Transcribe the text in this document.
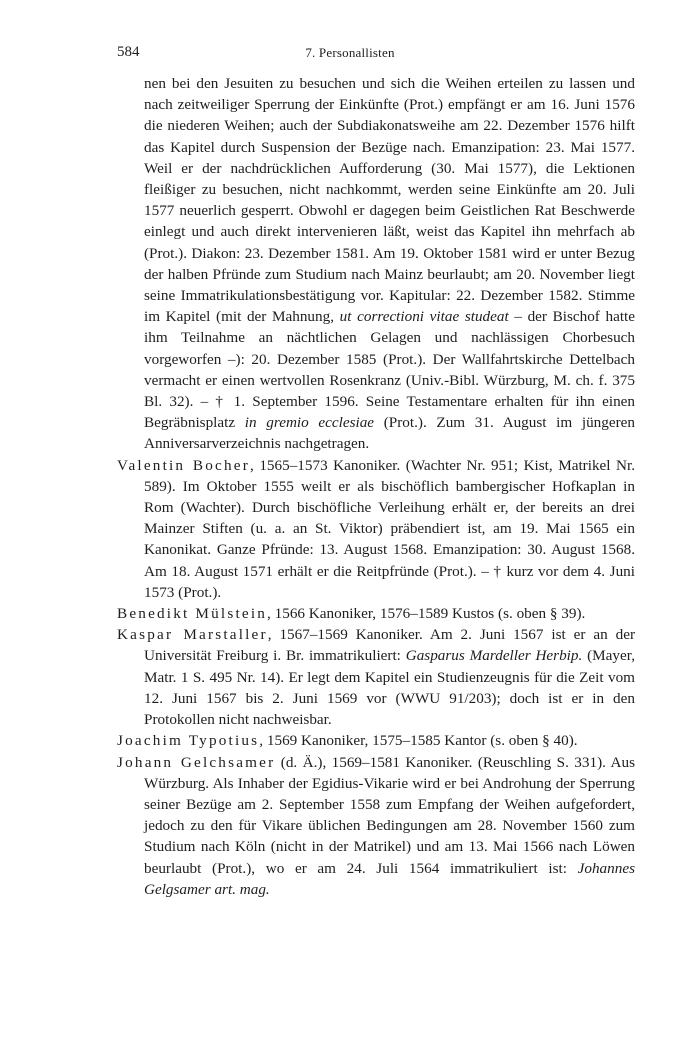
584	7. Personallisten

nen bei den Jesuiten zu besuchen und sich die Weihen erteilen zu lassen und nach zeitweiliger Sperrung der Einkünfte (Prot.) empfängt er am 16. Juni 1576 die niederen Weihen; auch der Subdiakonatsweihe am 22. Dezember 1576 hilft das Kapitel durch Suspension der Bezüge nach. Emanzipation: 23. Mai 1577. Weil er der nachdrücklichen Aufforderung (30. Mai 1577), die Lektionen fleißiger zu besuchen, nicht nachkommt, werden seine Einkünfte am 20. Juli 1577 neuerlich gesperrt. Obwohl er dagegen beim Geistlichen Rat Beschwerde einlegt und auch direkt intervenieren läßt, weist das Kapitel ihn mehrfach ab (Prot.). Diakon: 23. Dezember 1581. Am 19. Oktober 1581 wird er unter Bezug der halben Pfründe zum Studium nach Mainz beurlaubt; am 20. November liegt seine Immatrikulationsbestätigung vor. Kapitular: 22. Dezember 1582. Stimme im Kapitel (mit der Mahnung, ut correctioni vitae studeat – der Bischof hatte ihm Teilnahme an nächtlichen Gelagen und nachlässigen Chorbesuch vorgeworfen –): 20. Dezember 1585 (Prot.). Der Wallfahrtskirche Dettelbach vermacht er einen wertvollen Rosenkranz (Univ.-Bibl. Würzburg, M. ch. f. 375 Bl. 32). – † 1. September 1596. Seine Testamentare erhalten für ihn einen Begräbnisplatz in gremio ecclesiae (Prot.). Zum 31. August im jüngeren Anniversarverzeichnis nachgetragen.

Valentin Bocher, 1565–1573 Kanoniker. (Wachter Nr. 951; Kist, Matrikel Nr. 589). Im Oktober 1555 weilt er als bischöflich bambergischer Hofkaplan in Rom (Wachter). Durch bischöfliche Verleihung erhält er, der bereits an drei Mainzer Stiften (u. a. an St. Viktor) präbendiert ist, am 19. Mai 1565 ein Kanonikat. Ganze Pfründe: 13. August 1568. Emanzipation: 30. August 1568. Am 18. August 1571 erhält er die Reitpfründe (Prot.). – † kurz vor dem 4. Juni 1573 (Prot.).

Benedikt Mülstein, 1566 Kanoniker, 1576–1589 Kustos (s. oben § 39).

Kaspar Marstaller, 1567–1569 Kanoniker. Am 2. Juni 1567 ist er an der Universität Freiburg i. Br. immatrikuliert: Gasparus Mardeller Herbip. (Mayer, Matr. 1 S. 495 Nr. 14). Er legt dem Kapitel ein Studienzeugnis für die Zeit vom 12. Juni 1567 bis 2. Juni 1569 vor (WWU 91/203); doch ist er in den Protokollen nicht nachweisbar.

Joachim Typotius, 1569 Kanoniker, 1575–1585 Kantor (s. oben § 40).

Johann Gelchsamer (d. Ä.), 1569–1581 Kanoniker. (Reuschling S. 331). Aus Würzburg. Als Inhaber der Egidius-Vikarie wird er bei Androhung der Sperrung seiner Bezüge am 2. September 1558 zum Empfang der Weihen aufgefordert, jedoch zu den für Vikare üblichen Bedingungen am 28. November 1560 zum Studium nach Köln (nicht in der Matrikel) und am 13. Mai 1566 nach Löwen beurlaubt (Prot.), wo er am 24. Juli 1564 immatrikuliert ist: Johannes Gelgsamer art. mag.
